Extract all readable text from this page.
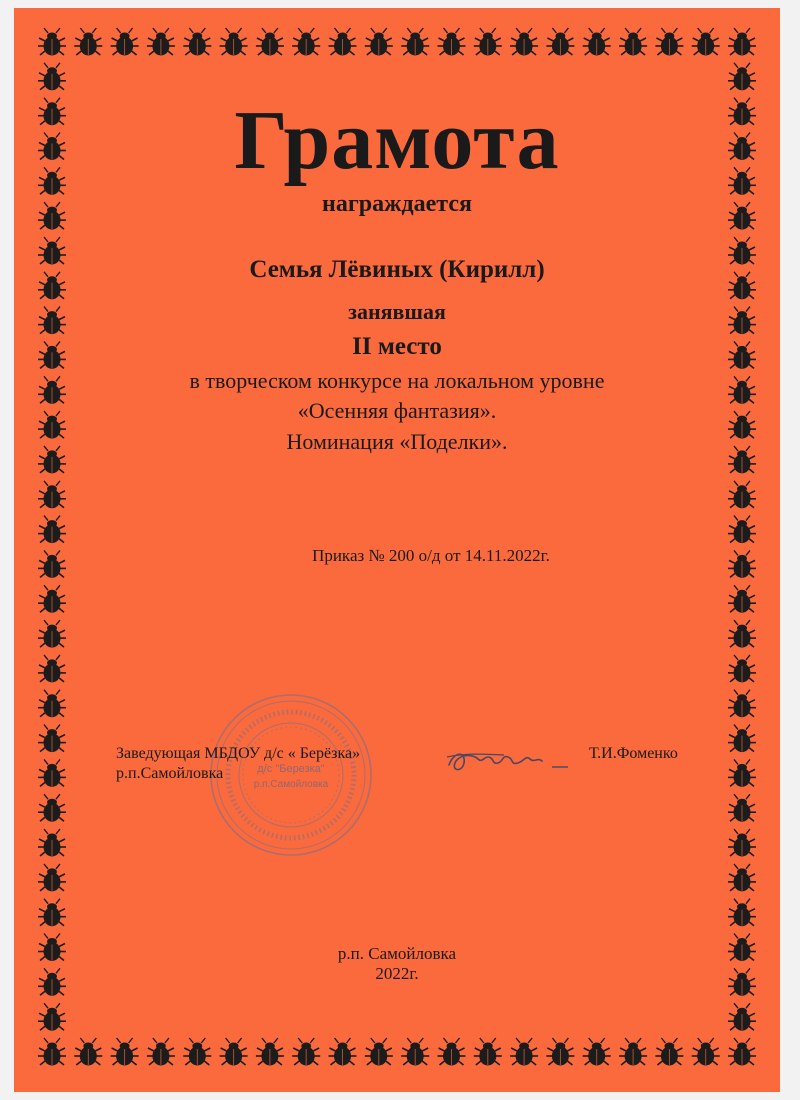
Грамота
награждается
Семья Лёвиных (Кирилл)
занявшая
II место
в творческом конкурсе на локальном уровне
«Осенняя фантазия».
Номинация «Поделки».
Приказ № 200 о/д от 14.11.2022г.
д/с "Березка"
р.п.Самойловка
Заведующая МБДОУ д/с « Берёзка»
р.п.Самойловка
Т.И.Фоменко
р.п. Самойловка
2022г.
